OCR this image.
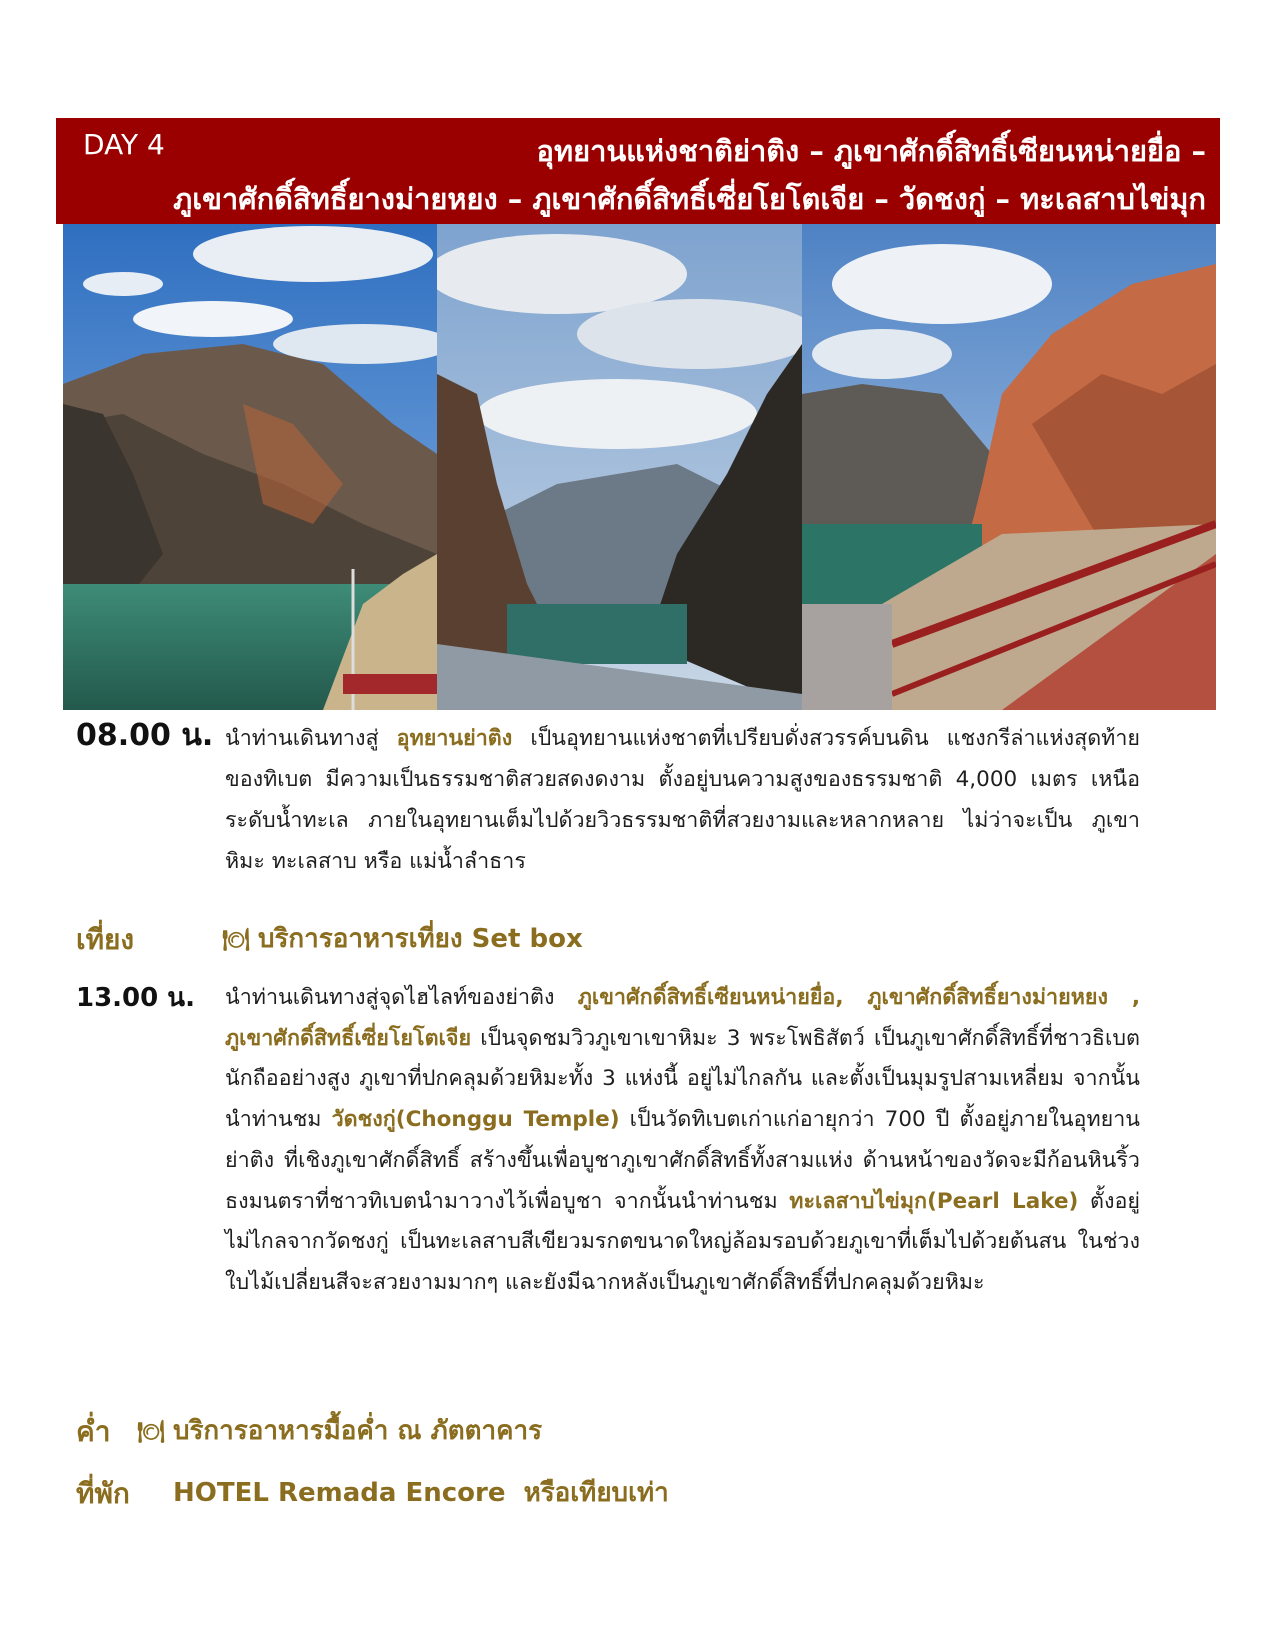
DAY 4	อุทยานแห่งชาติย่าติง – ภูเขาศักดิ์สิทธิ์เซียนหน่ายยื่อ –
ภูเขาศักดิ์สิทธิ์ยางม่ายหยง – ภูเขาศักดิ์สิทธิ์เซี่ยโยโตเจีย – วัดชงกู่ – ทะเลสาบไข่มุก
08.00 น. นำท่านเดินทางสู่ อุทยานย่าติง เป็นอุทยานแห่งชาตที่เปรียบดั่งสวรรค์บนดิน แชงกรีล่าแห่งสุดท้ายของทิเบต มีความเป็นธรรมชาติสวยสดงดงาม ตั้งอยู่บนความสูงของธรรมชาติ 4,000 เมตร เหนือระดับน้ำทะเล ภายในอุทยานเต็มไปด้วยวิวธรรมชาติที่สวยงามและหลากหลาย ไม่ว่าจะเป็น ภูเขาหิมะ ทะเลสาบ หรือ แม่น้ำลำธาร
เที่ยง	🍽 บริการอาหารเที่ยง Set box
13.00 น. นำท่านเดินทางสู่จุดไฮไลท์ของย่าติง ภูเขาศักดิ์สิทธิ์เซียนหน่ายยื่อ, ภูเขาศักดิ์สิทธิ์ยางม่ายหยง , ภูเขาศักดิ์สิทธิ์เซี่ยโยโตเจีย เป็นจุดชมวิวภูเขาเขาหิมะ 3 พระโพธิสัตว์ เป็นภูเขาศักดิ์สิทธิ์ที่ชาวธิเบตนักถืออย่างสูง ภูเขาที่ปกคลุมด้วยหิมะทั้ง 3 แห่งนี้ อยู่ไม่ไกลกัน และตั้งเป็นมุมรูปสามเหลี่ยม จากนั้นนำท่านชม วัดชงกู่(Chonggu Temple) เป็นวัดทิเบตเก่าแก่อายุกว่า 700 ปี ตั้งอยู่ภายในอุทยาน ย่าติง ที่เชิงภูเขาศักดิ์สิทธิ์ สร้างขึ้นเพื่อบูชาภูเขาศักดิ์สิทธิ์ทั้งสามแห่ง ด้านหน้าของวัดจะมีก้อนหินริ้วธงมนตราที่ชาวทิเบตนำมาวางไว้เพื่อบูชา จากนั้นนำท่านชม ทะเลสาบไข่มุก(Pearl Lake) ตั้งอยู่ไม่ไกลจากวัดชงกู่ เป็นทะเลสาบสีเขียวมรกตขนาดใหญ่ล้อมรอบด้วยภูเขาที่เต็มไปด้วยต้นสน ในช่วงใบไม้เปลี่ยนสีจะสวยงามมากๆ และยังมีฉากหลังเป็นภูเขาศักดิ์สิทธิ์ที่ปกคลุมด้วยหิมะ
ค่ำ 🍽 บริการอาหารมื้อค่ำ ณ ภัตตาคาร
ที่พัก HOTEL Remada Encore  หรือเทียบเท่า
